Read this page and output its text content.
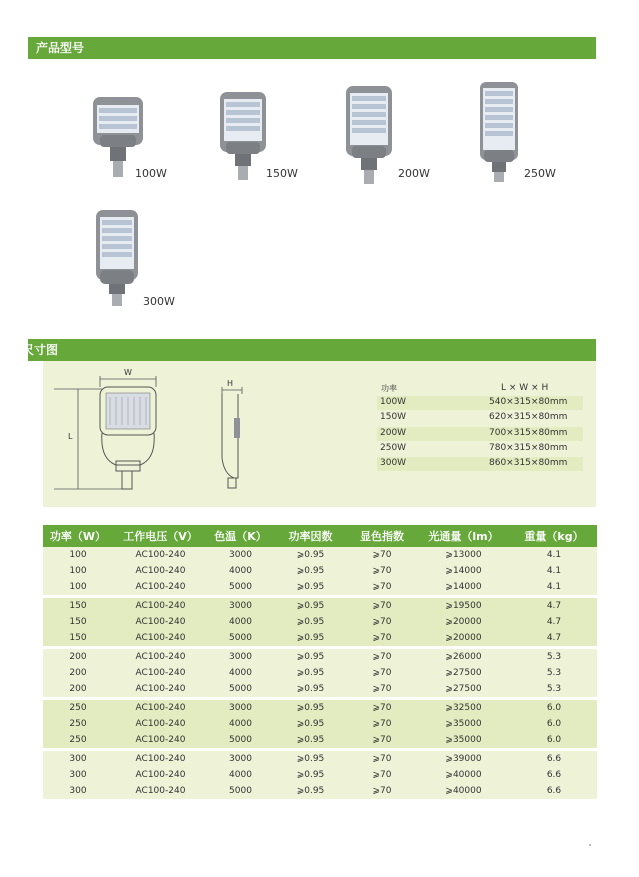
产品型号
100W	150W	200W	250W
300W
尺寸图
W
L
H
功率	L × W × H
100W	540×315×80mm
150W	620×315×80mm
200W	700×315×80mm
250W	780×315×80mm
300W	860×315×80mm
功率（W）	工作电压（V）	色温（K）	功率因数	显色指数	光通量（lm）	重量（kg）
100	AC100-240	3000	⩾0.95	⩾70	⩾13000	4.1
100	AC100-240	4000	⩾0.95	⩾70	⩾14000	4.1
100	AC100-240	5000	⩾0.95	⩾70	⩾14000	4.1

150	AC100-240	3000	⩾0.95	⩾70	⩾19500	4.7
150	AC100-240	4000	⩾0.95	⩾70	⩾20000	4.7
150	AC100-240	5000	⩾0.95	⩾70	⩾20000	4.7

200	AC100-240	3000	⩾0.95	⩾70	⩾26000	5.3
200	AC100-240	4000	⩾0.95	⩾70	⩾27500	5.3
200	AC100-240	5000	⩾0.95	⩾70	⩾27500	5.3

250	AC100-240	3000	⩾0.95	⩾70	⩾32500	6.0
250	AC100-240	4000	⩾0.95	⩾70	⩾35000	6.0
250	AC100-240	5000	⩾0.95	⩾70	⩾35000	6.0

300	AC100-240	3000	⩾0.95	⩾70	⩾39000	6.6
300	AC100-240	4000	⩾0.95	⩾70	⩾40000	6.6
300	AC100-240	5000	⩾0.95	⩾70	⩾40000	6.6
